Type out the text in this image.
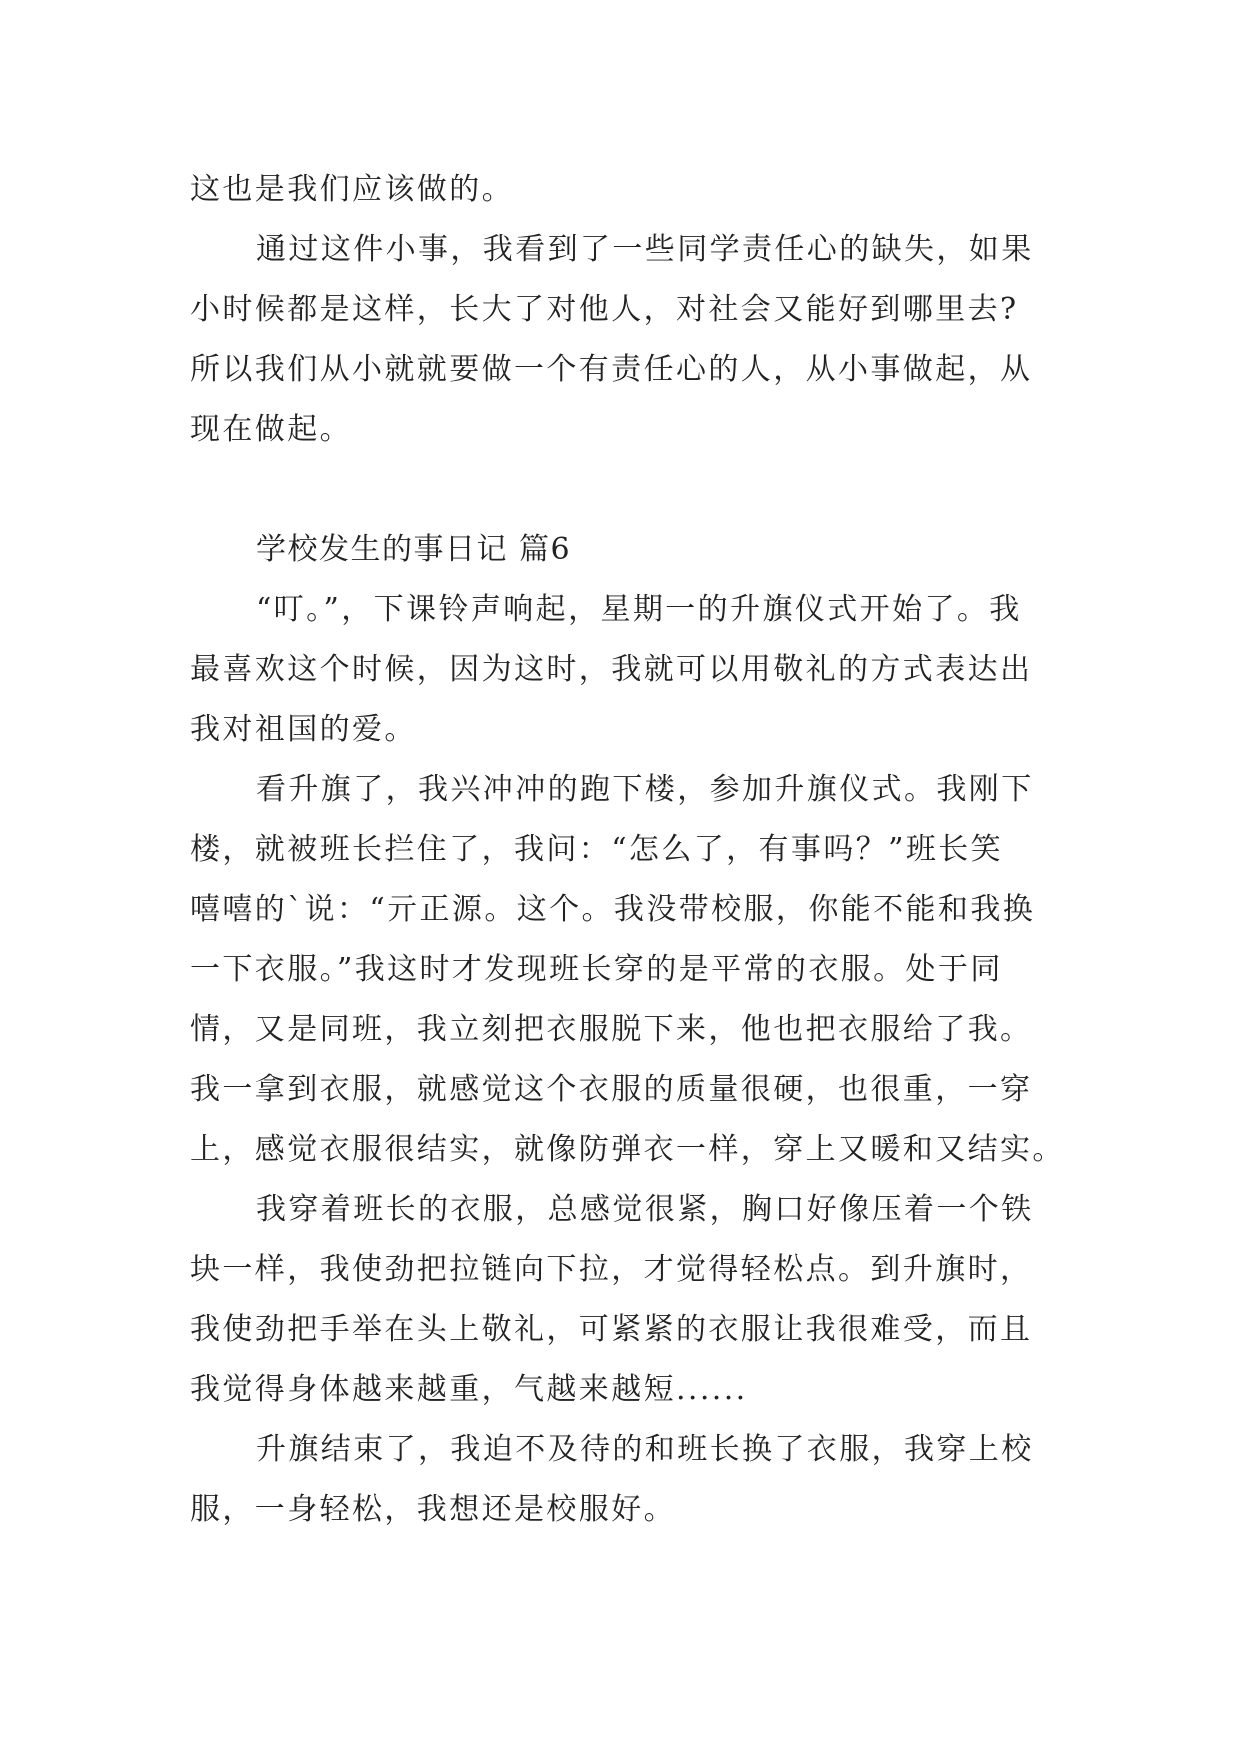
这也是我们应该做的。
通过这件小事，我看到了一些同学责任心的缺失，如果
小时候都是这样，长大了对他人，对社会又能好到哪里去?
所以我们从小就就要做一个有责任心的人，从小事做起，从
现在做起。
学校发生的事日记 篇6
“叮。”，下课铃声响起，星期一的升旗仪式开始了。我
最喜欢这个时候，因为这时，我就可以用敬礼的方式表达出
我对祖国的爱。
看升旗了，我兴冲冲的跑下楼，参加升旗仪式。我刚下
楼，就被班长拦住了，我问：“怎么了，有事吗？”班长笑
嘻嘻的`说：“亓正源。这个。我没带校服，你能不能和我换
一下衣服。”我这时才发现班长穿的是平常的衣服。处于同
情，又是同班，我立刻把衣服脱下来，他也把衣服给了我。
我一拿到衣服，就感觉这个衣服的质量很硬，也很重，一穿
上，感觉衣服很结实，就像防弹衣一样，穿上又暖和又结实。
我穿着班长的衣服，总感觉很紧，胸口好像压着一个铁
块一样，我使劲把拉链向下拉，才觉得轻松点。到升旗时，
我使劲把手举在头上敬礼，可紧紧的衣服让我很难受，而且
我觉得身体越来越重，气越来越短......
升旗结束了，我迫不及待的和班长换了衣服，我穿上校
服，一身轻松，我想还是校服好。
